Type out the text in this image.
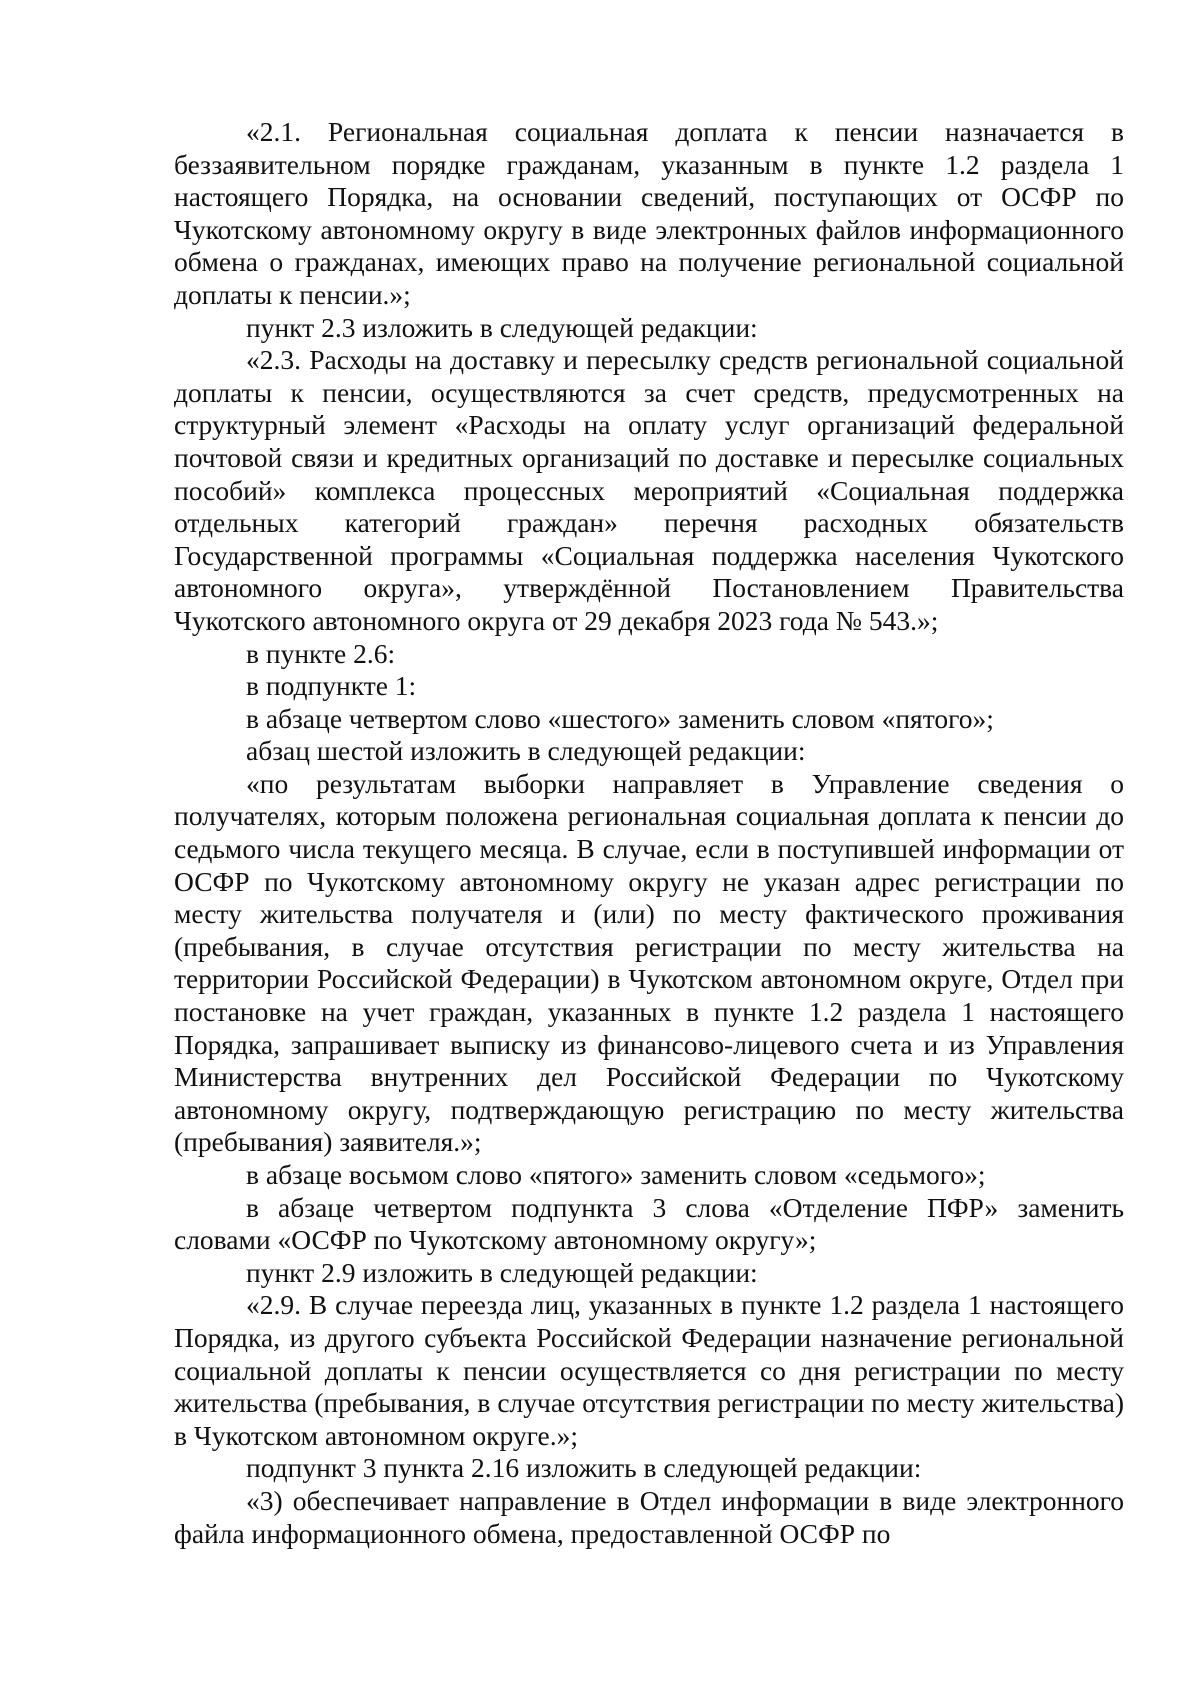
«2.1. Региональная социальная доплата к пенсии назначается в беззаявительном порядке гражданам, указанным в пункте 1.2 раздела 1 настоящего Порядка, на основании сведений, поступающих от ОСФР по Чукотскому автономному округу в виде электронных файлов информационного обмена о гражданах, имеющих право на получение региональной социальной доплаты к пенсии.»;

пункт 2.3 изложить в следующей редакции:

«2.3. Расходы на доставку и пересылку средств региональной социальной доплаты к пенсии, осуществляются за счет средств, предусмотренных на структурный элемент «Расходы на оплату услуг организаций федеральной почтовой связи и кредитных организаций по доставке и пересылке социальных пособий» комплекса процессных мероприятий «Социальная поддержка отдельных категорий граждан» перечня расходных обязательств Государственной программы «Социальная поддержка населения Чукотского автономного округа», утверждённой Постановлением Правительства Чукотского автономного округа от 29 декабря 2023 года № 543.»;

в пункте 2.6:

в подпункте 1:

в абзаце четвертом слово «шестого» заменить словом «пятого»;

абзац шестой изложить в следующей редакции:

«по результатам выборки направляет в Управление сведения о получателях, которым положена региональная социальная доплата к пенсии до седьмого числа текущего месяца. В случае, если в поступившей информации от ОСФР по Чукотскому автономному округу не указан адрес регистрации по месту жительства получателя и (или) по месту фактического проживания (пребывания, в случае отсутствия регистрации по месту жительства на территории Российской Федерации) в Чукотском автономном округе, Отдел при постановке на учет граждан, указанных в пункте 1.2 раздела 1 настоящего Порядка, запрашивает выписку из финансово-лицевого счета и из Управления Министерства внутренних дел Российской Федерации по Чукотскому автономному округу, подтверждающую регистрацию по месту жительства (пребывания) заявителя.»;

в абзаце восьмом слово «пятого» заменить словом «седьмого»;

в абзаце четвертом подпункта 3 слова «Отделение ПФР» заменить словами «ОСФР по Чукотскому автономному округу»;

пункт 2.9 изложить в следующей редакции:

«2.9. В случае переезда лиц, указанных в пункте 1.2 раздела 1 настоящего Порядка, из другого субъекта Российской Федерации назначение региональной социальной доплаты к пенсии осуществляется со дня регистрации по месту жительства (пребывания, в случае отсутствия регистрации по месту жительства) в Чукотском автономном округе.»;

подпункт 3 пункта 2.16 изложить в следующей редакции:

«3) обеспечивает направление в Отдел информации в виде электронного файла информационного обмена, предоставленной ОСФР по
